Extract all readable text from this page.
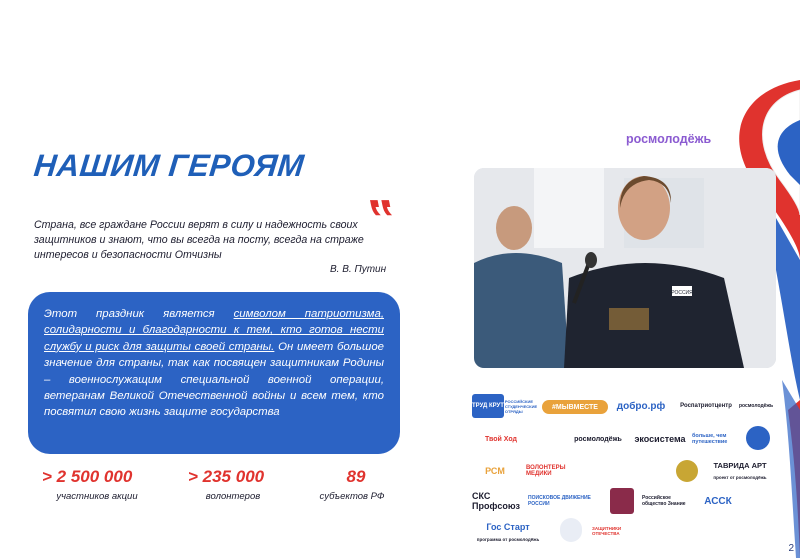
росмолодёжь
НАШИМ ГЕРОЯМ
”
Страна, все граждане России верят в силу и надежность своих защитников и знают, что вы всегда на посту, всегда на страже интересов и безопасности Отчизны
В. В. Путин
Этот праздник является символом патриотизма, солидарности и благодарности к тем, кто готов нести службу и риск для защиты своей страны. Он имеет большое значение для страны, так как посвящен защитникам Родины – военнослужащим специальной военной операции, ветеранам Великой Отечественной войны и всем тем, кто посвятил свою жизнь защите государства
> 2 500 000
участников акции
> 235 000
волонтеров
89
субъектов РФ
РОССИЯ
ТРУД КРУТ
РОССИЙСКИЕ СТУДЕНЧЕСКИЕ ОТРЯДЫ
#МЫВМЕСТЕ	добро.рф	Роспатриотцентр	росмолодёжь
Твой Ход	росмолодёжь	экосистема	больше, чем путешествие
РСМ	ВОЛОНТЕРЫ МЕДИКИ
ТАВРИДА АРТ
проект от росмолодёжь
СКС Профсоюз
ПОИСКОВОЕ ДВИЖЕНИЕ РОССИИ
Российское общество Знание	АССК
Гос Старт
программа от росмолодёжь
ЗАЩИТНИКИ ОТЕЧЕСТВА
2
